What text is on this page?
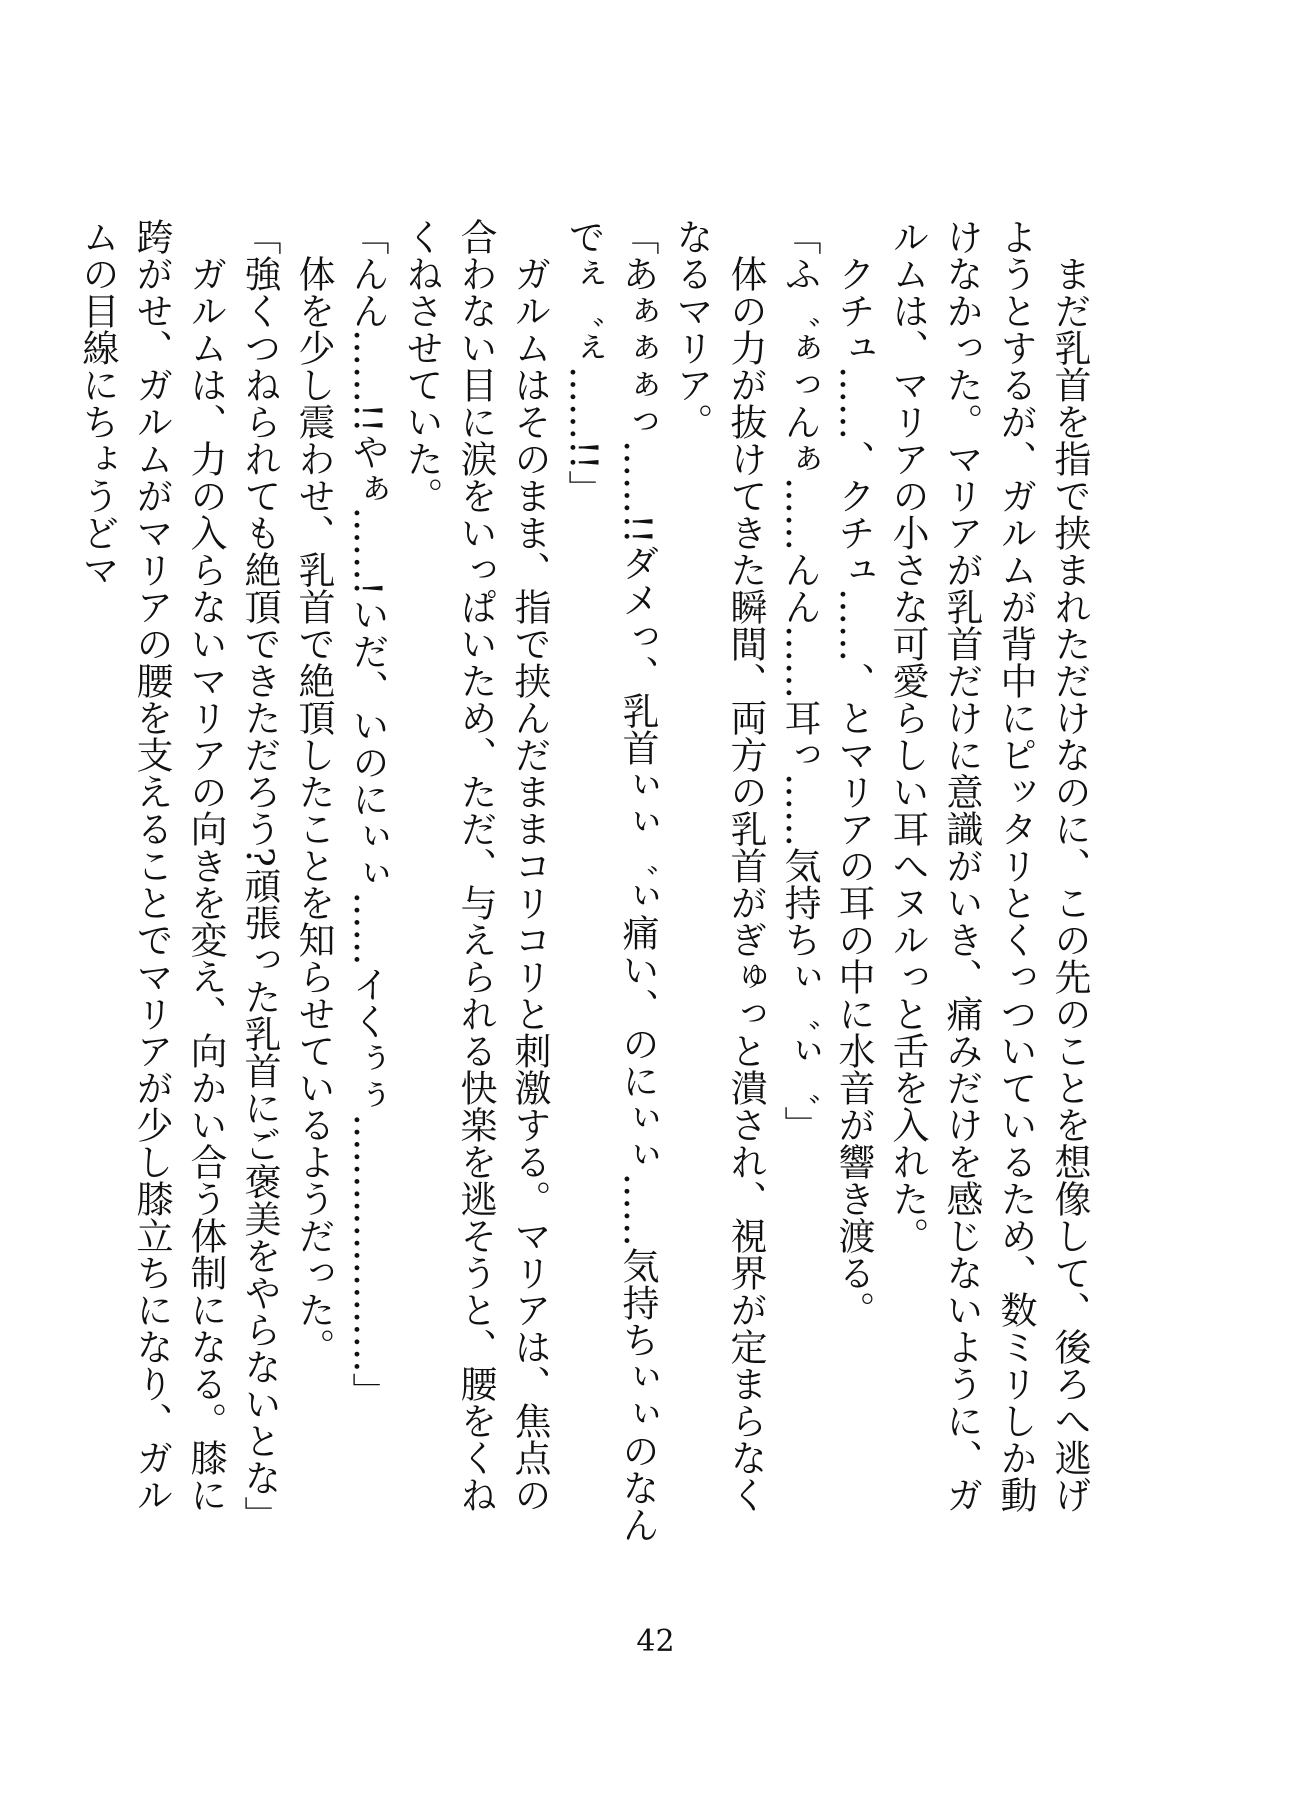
まだ乳首を指で挟まれただけなのに、この先のことを想像して、後ろへ逃げようとするが、ガルムが背中にピッタリとくっついているため、数ミリしか動けなかった。マリアが乳首だけに意識がいき、痛みだけを感じないように、ガルムは、マリアの小さな可愛らしい耳へヌルっと舌を入れた。

クチュ……、クチュ……、とマリアの耳の中に水音が響き渡る。

「ふ゛ぁっんぁ……んん……耳っ……気持ちぃ゛ぃ゛」

体の力が抜けてきた瞬間、両方の乳首がぎゅっと潰され、視界が定まらなくなるマリア。

「あぁぁぁっ……!!ダメっ、乳首ぃぃ゛ぃ痛い、のにぃぃ……気持ちぃぃのなんでぇ゛ぇ……!!」

ガルムはそのまま、指で挟んだままコリコリと刺激する。マリアは、焦点の合わない目に涙をいっぱいため、ただ、与えられる快楽を逃そうと、腰をくねくねさせていた。

「んん……!!やぁ……!いだ、いのにぃぃ……イくぅぅ…………………」

体を少し震わせ、乳首で絶頂したことを知らせているようだった。

「強くつねられても絶頂できただろう?頑張った乳首にご褒美をやらないとな」

ガルムは、力の入らないマリアの向きを変え、向かい合う体制になる。膝に跨がせ、ガルムがマリアの腰を支えることでマリアが少し膝立ちになり、ガルムの目線にちょうどマ

42
